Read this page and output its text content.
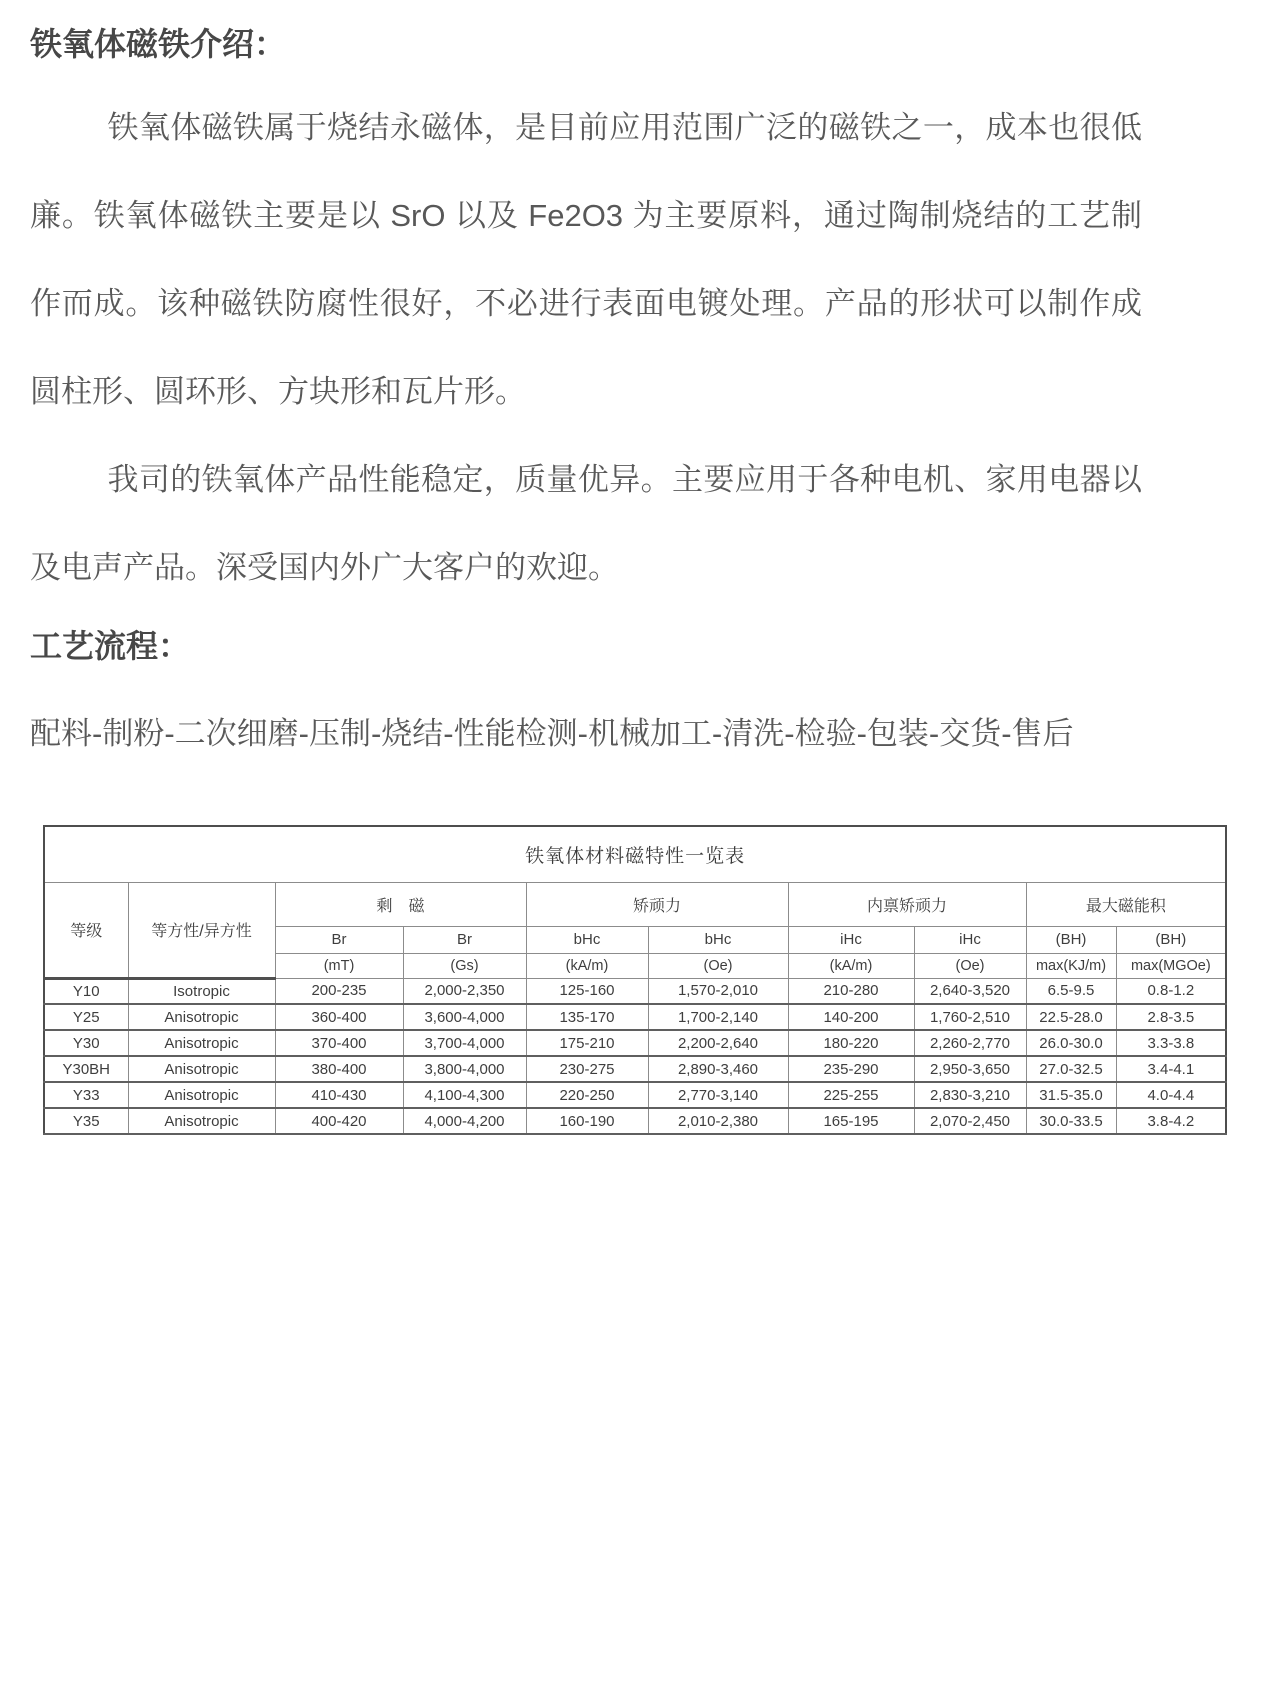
铁氧体磁铁介绍：

铁氧体磁铁属于烧结永磁体，是目前应用范围广泛的磁铁之一，成本也很低廉。铁氧体磁铁主要是以 SrO 以及 Fe2O3 为主要原料，通过陶制烧结的工艺制作而成。该种磁铁防腐性很好，不必进行表面电镀处理。产品的形状可以制作成圆柱形、圆环形、方块形和瓦片形。

我司的铁氧体产品性能稳定，质量优异。主要应用于各种电机、家用电器以及电声产品。深受国内外广大客户的欢迎。

工艺流程：

配料-制粉-二次细磨-压制-烧结-性能检测-机械加工-清洗-检验-包装-交货-售后

铁氧体材料磁特性一览表									
等级	等方性/异方性	剩　磁		矫顽力		内禀矫顽力		最大磁能积	
		Br	Br	bHc	bHc	iHc	iHc	(BH)	(BH)
		(mT)	(Gs)	(kA/m)	(Oe)	(kA/m)	(Oe)	max(KJ/m)	max(MGOe)
Y10	Isotropic	200-235	2,000-2,350	125-160	1,570-2,010	210-280	2,640-3,520	6.5-9.5	0.8-1.2
Y25	Anisotropic	360-400	3,600-4,000	135-170	1,700-2,140	140-200	1,760-2,510	22.5-28.0	2.8-3.5
Y30	Anisotropic	370-400	3,700-4,000	175-210	2,200-2,640	180-220	2,260-2,770	26.0-30.0	3.3-3.8
Y30BH	Anisotropic	380-400	3,800-4,000	230-275	2,890-3,460	235-290	2,950-3,650	27.0-32.5	3.4-4.1
Y33	Anisotropic	410-430	4,100-4,300	220-250	2,770-3,140	225-255	2,830-3,210	31.5-35.0	4.0-4.4
Y35	Anisotropic	400-420	4,000-4,200	160-190	2,010-2,380	165-195	2,070-2,450	30.0-33.5	3.8-4.2
